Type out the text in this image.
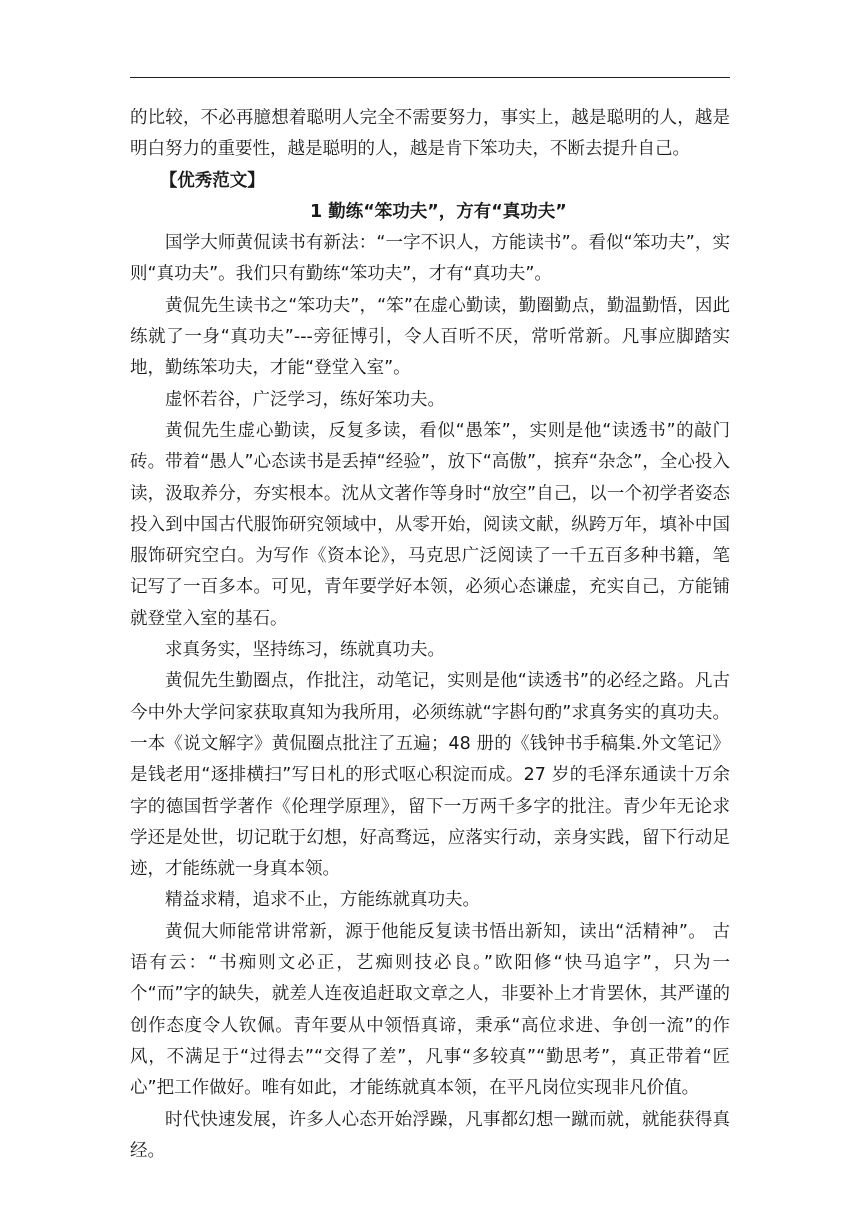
的比较，不必再臆想着聪明人完全不需要努力，事实上，越是聪明的人，越是明白努力的重要性，越是聪明的人，越是肯下笨功夫，不断去提升自己。

【优秀范文】

1 勤练“笨功夫”，方有“真功夫”

国学大师黄侃读书有新法：“一字不识人，方能读书”。看似“笨功夫”，实则“真功夫”。我们只有勤练“笨功夫”，才有“真功夫”。

黄侃先生读书之“笨功夫”，“笨”在虚心勤读，勤圈勤点，勤温勤悟，因此练就了一身“真功夫”---旁征博引，令人百听不厌，常听常新。凡事应脚踏实地，勤练笨功夫，才能“登堂入室”。

虚怀若谷，广泛学习，练好笨功夫。

黄侃先生虚心勤读，反复多读，看似“愚笨”，实则是他“读透书”的敲门砖。带着“愚人”心态读书是丢掉“经验”，放下“高傲”，摈弃“杂念”，全心投入读，汲取养分，夯实根本。沈从文著作等身时“放空”自己，以一个初学者姿态投入到中国古代服饰研究领域中，从零开始，阅读文献，纵跨万年，填补中国服饰研究空白。为写作《资本论》，马克思广泛阅读了一千五百多种书籍，笔记写了一百多本。可见，青年要学好本领，必须心态谦虚，充实自己，方能铺就登堂入室的基石。

求真务实，坚持练习，练就真功夫。

黄侃先生勤圈点，作批注，动笔记，实则是他“读透书”的必经之路。凡古今中外大学问家获取真知为我所用，必须练就“字斟句酌”求真务实的真功夫。一本《说文解字》黄侃圈点批注了五遍；48 册的《钱钟书手稿集.外文笔记》是钱老用“逐排横扫”写日札的形式呕心积淀而成。27 岁的毛泽东通读十万余字的德国哲学著作《伦理学原理》，留下一万两千多字的批注。青少年无论求学还是处世，切记耽于幻想，好高骛远，应落实行动，亲身实践，留下行动足迹，才能练就一身真本领。

精益求精，追求不止，方能练就真功夫。

黄侃大师能常讲常新，源于他能反复读书悟出新知，读出“活精神”。 古语有云：“书痴则文必正，艺痴则技必良。”欧阳修“快马追字”，只为一个“而”字的缺失，就差人连夜追赶取文章之人，非要补上才肯罢休，其严谨的创作态度令人钦佩。青年要从中领悟真谛，秉承“高位求进、争创一流”的作风，不满足于“过得去”“交得了差”，凡事“多较真”“勤思考”，真正带着“匠心”把工作做好。唯有如此，才能练就真本领，在平凡岗位实现非凡价值。

时代快速发展，许多人心态开始浮躁，凡事都幻想一蹴而就，就能获得真经。
